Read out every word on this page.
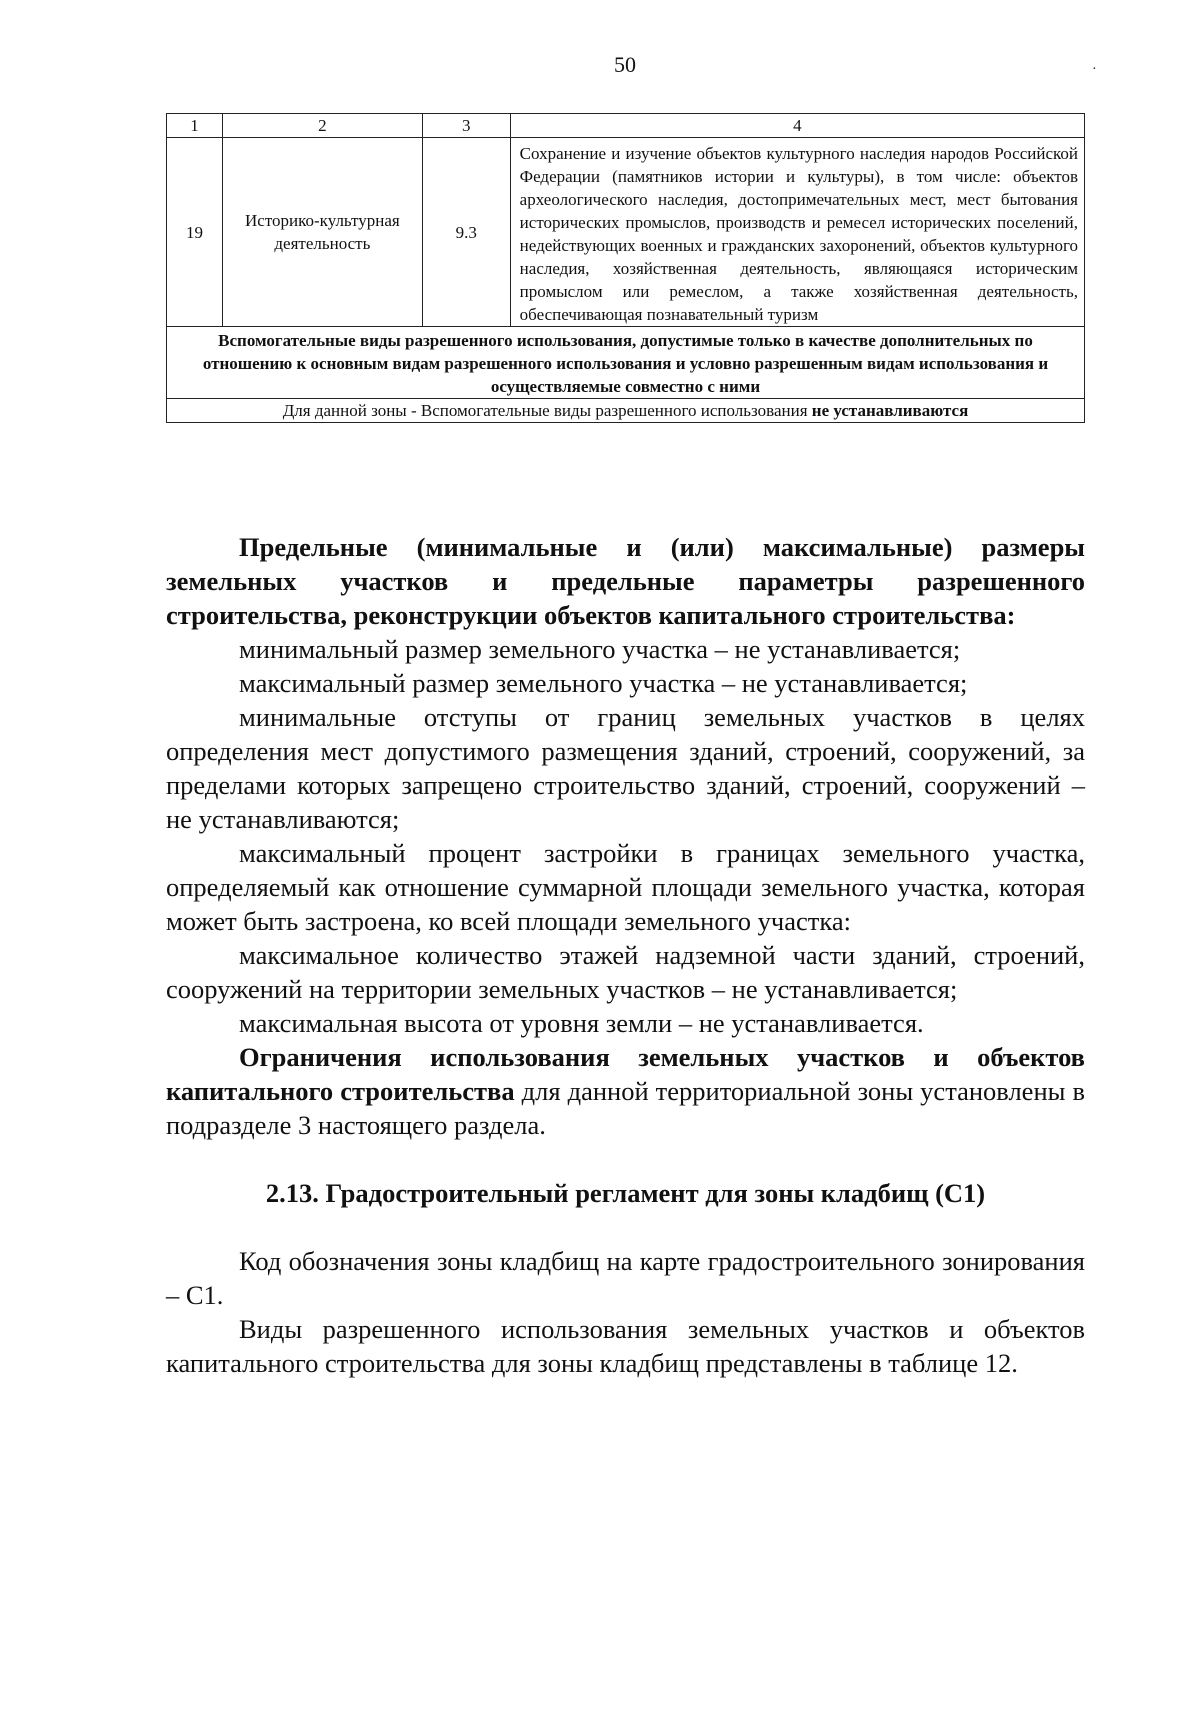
50	·
1	2	3	4
19	Историко-культурная деятельность	9.3	Сохранение и изучение объектов культурного наследия народов Российской Федерации (памятников истории и культуры), в том числе: объектов археологического наследия, достопримечательных мест, мест бытования исторических промыслов, производств и ремесел исторических поселений, недействующих военных и гражданских захоронений, объектов культурного наследия, хозяйственная деятельность, являющаяся историческим промыслом или ремеслом, а также хозяйственная деятельность, обеспечивающая познавательный туризм
Вспомогательные виды разрешенного использования, допустимые только в качестве дополнительных по отношению к основным видам разрешенного использования и условно разрешенным видам использования и осуществляемые совместно с ними			
Для данной зоны - Вспомогательные виды разрешенного использования не устанавливаются			

Предельные (минимальные и (или) максимальные) размеры земельных участков и предельные параметры разрешенного строительства, реконструкции объектов капитального строительства:

минимальный размер земельного участка – не устанавливается;

максимальный размер земельного участка – не устанавливается;

минимальные отступы от границ земельных участков в целях определения мест допустимого размещения зданий, строений, сооружений, за пределами которых запрещено строительство зданий, строений, сооружений – не устанавливаются;

максимальный процент застройки в границах земельного участка, определяемый как отношение суммарной площади земельного участка, которая может быть застроена, ко всей площади земельного участка:

максимальное количество этажей надземной части зданий, строений, сооружений на территории земельных участков – не устанавливается;

максимальная высота от уровня земли – не устанавливается.

Ограничения использования земельных участков и объектов капитального строительства для данной территориальной зоны установлены в подразделе 3 настоящего раздела.

2.13. Градостроительный регламент для зоны кладбищ (С1)

Код обозначения зоны кладбищ на карте градостроительного зонирования – С1.

Виды разрешенного использования земельных участков и объектов капитального строительства для зоны кладбищ представлены в таблице 12.
